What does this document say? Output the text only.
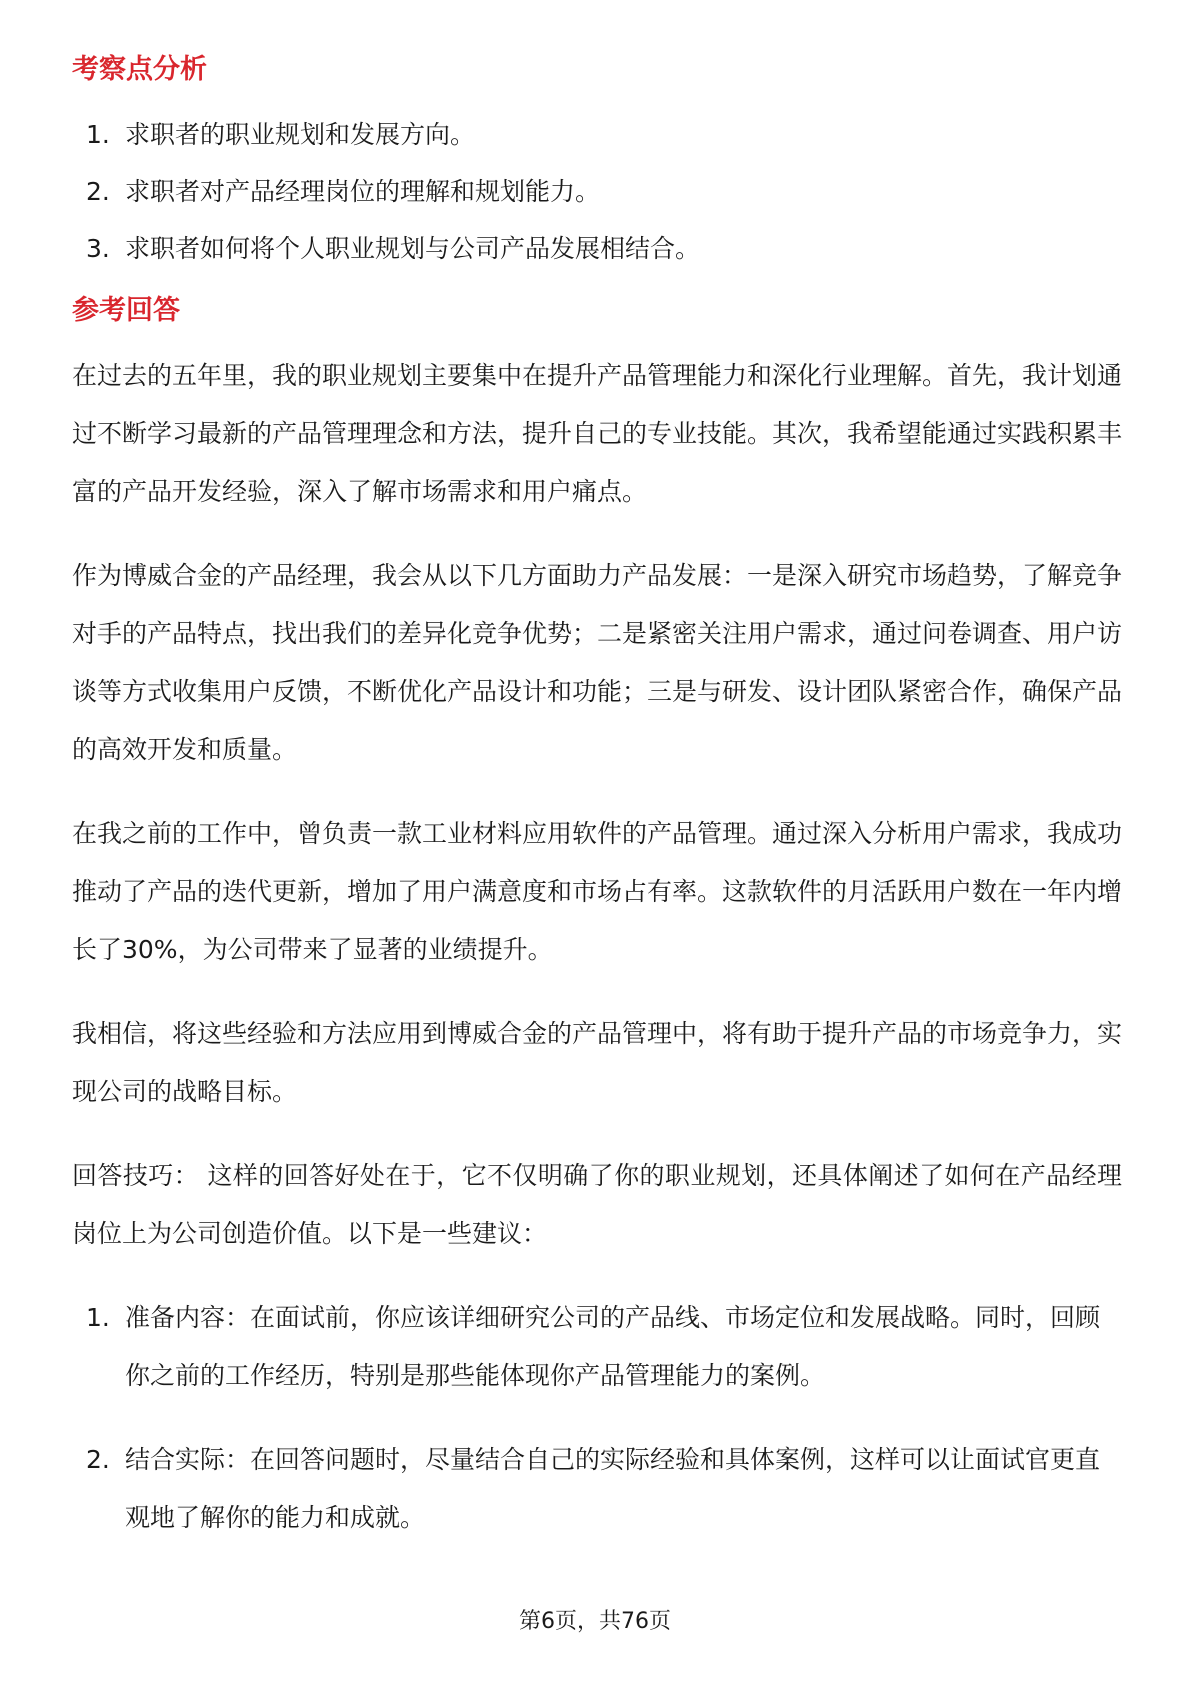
考察点分析
1. 求职者的职业规划和发展方向。
2. 求职者对产品经理岗位的理解和规划能力。
3. 求职者如何将个人职业规划与公司产品发展相结合。
参考回答

在过去的五年里，我的职业规划主要集中在提升产品管理能力和深化行业理解。首先，我计划通过不断学习最新的产品管理理念和方法，提升自己的专业技能。其次，我希望能通过实践积累丰富的产品开发经验，深入了解市场需求和用户痛点。

作为博威合金的产品经理，我会从以下几方面助力产品发展：一是深入研究市场趋势，了解竞争对手的产品特点，找出我们的差异化竞争优势；二是紧密关注用户需求，通过问卷调查、用户访谈等方式收集用户反馈，不断优化产品设计和功能；三是与研发、设计团队紧密合作，确保产品的高效开发和质量。

在我之前的工作中，曾负责一款工业材料应用软件的产品管理。通过深入分析用户需求，我成功推动了产品的迭代更新，增加了用户满意度和市场占有率。这款软件的月活跃用户数在一年内增长了30%，为公司带来了显著的业绩提升。

我相信，将这些经验和方法应用到博威合金的产品管理中，将有助于提升产品的市场竞争力，实现公司的战略目标。

回答技巧： 这样的回答好处在于，它不仅明确了你的职业规划，还具体阐述了如何在产品经理岗位上为公司创造价值。以下是一些建议：

1. 准备内容：在面试前，你应该详细研究公司的产品线、市场定位和发展战略。同时，回顾你之前的工作经历，特别是那些能体现你产品管理能力的案例。
2. 结合实际：在回答问题时，尽量结合自己的实际经验和具体案例，这样可以让面试官更直观地了解你的能力和成就。
第6页，共76页
